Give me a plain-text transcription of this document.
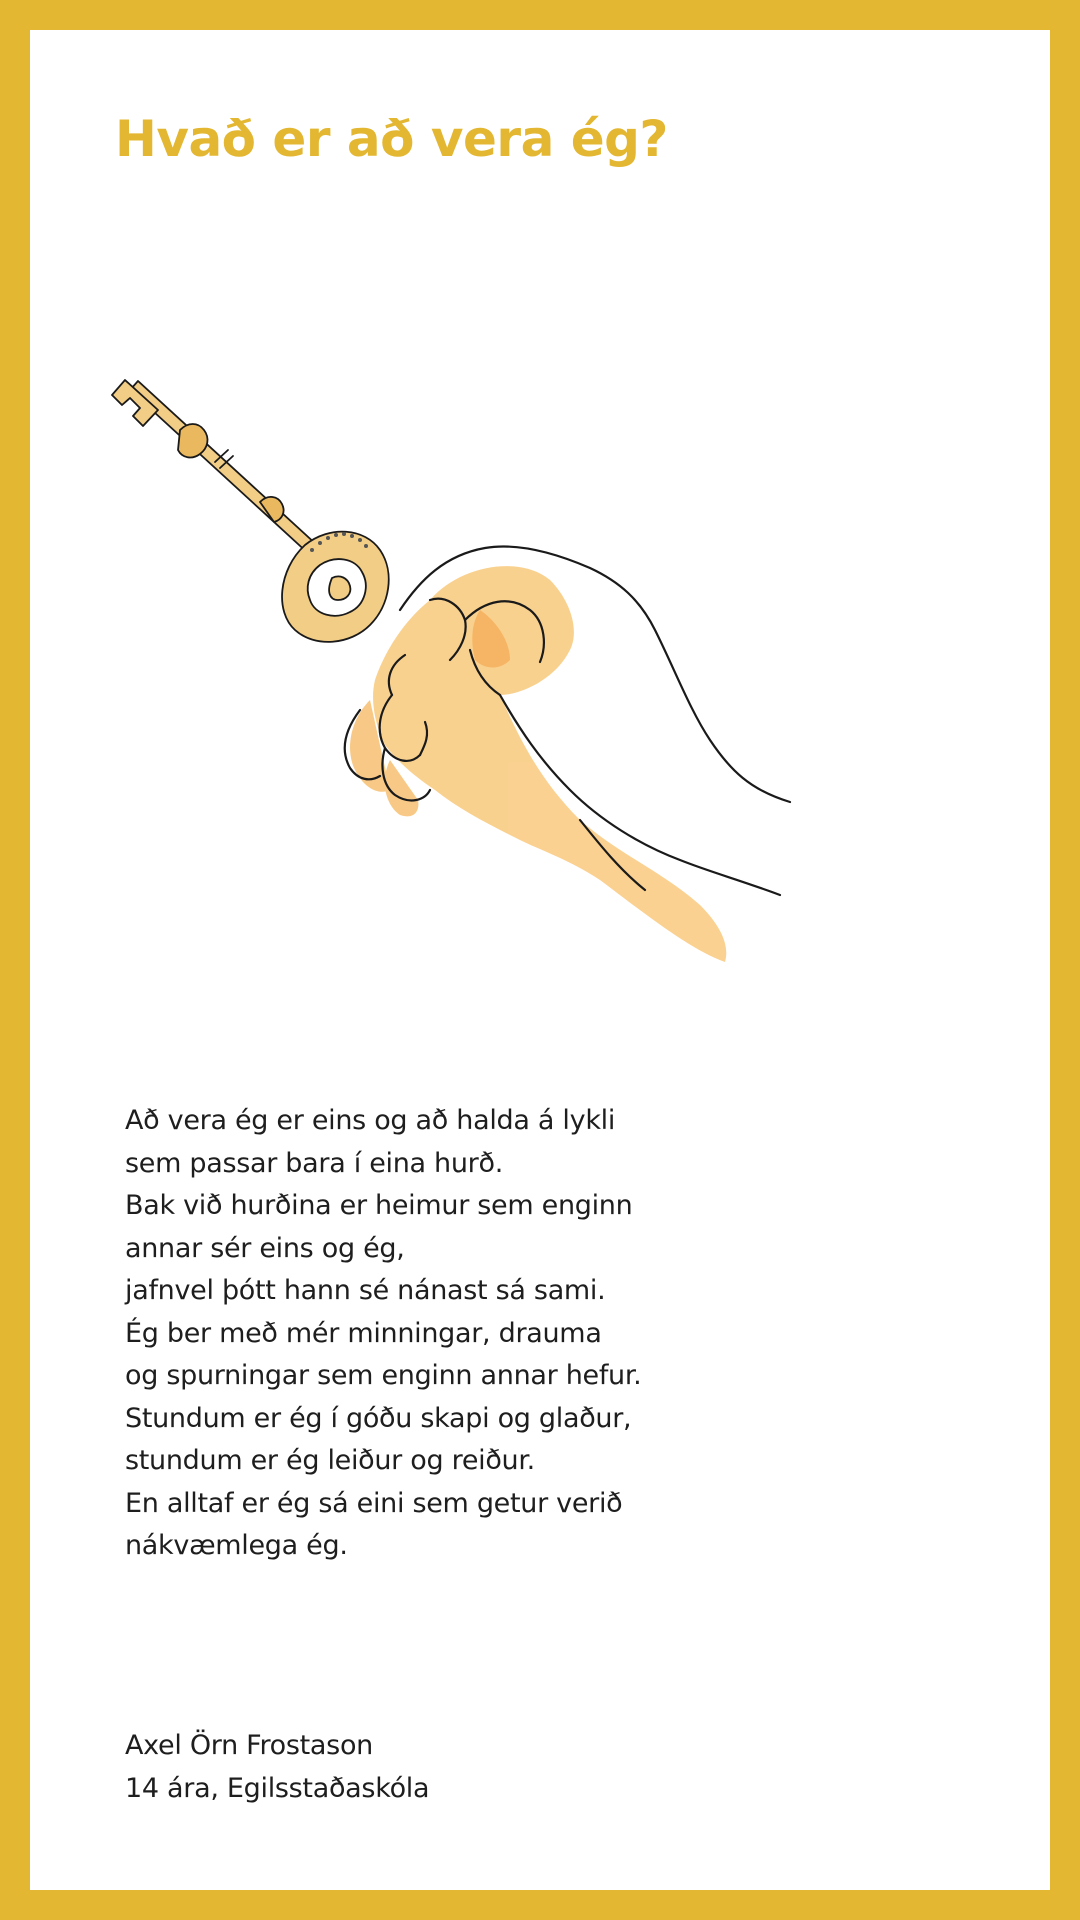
Hvað er að vera ég?
Að vera ég er eins og að halda á lykli
sem passar bara í eina hurð.
Bak við hurðina er heimur sem enginn
annar sér eins og ég,
jafnvel þótt hann sé nánast sá sami.
Ég ber með mér minningar, drauma
og spurningar sem enginn annar hefur.
Stundum er ég í góðu skapi og glaður,
stundum er ég leiður og reiður.
En alltaf er ég sá eini sem getur verið
nákvæmlega ég.
Axel Örn Frostason
14 ára, Egilsstaðaskóla
